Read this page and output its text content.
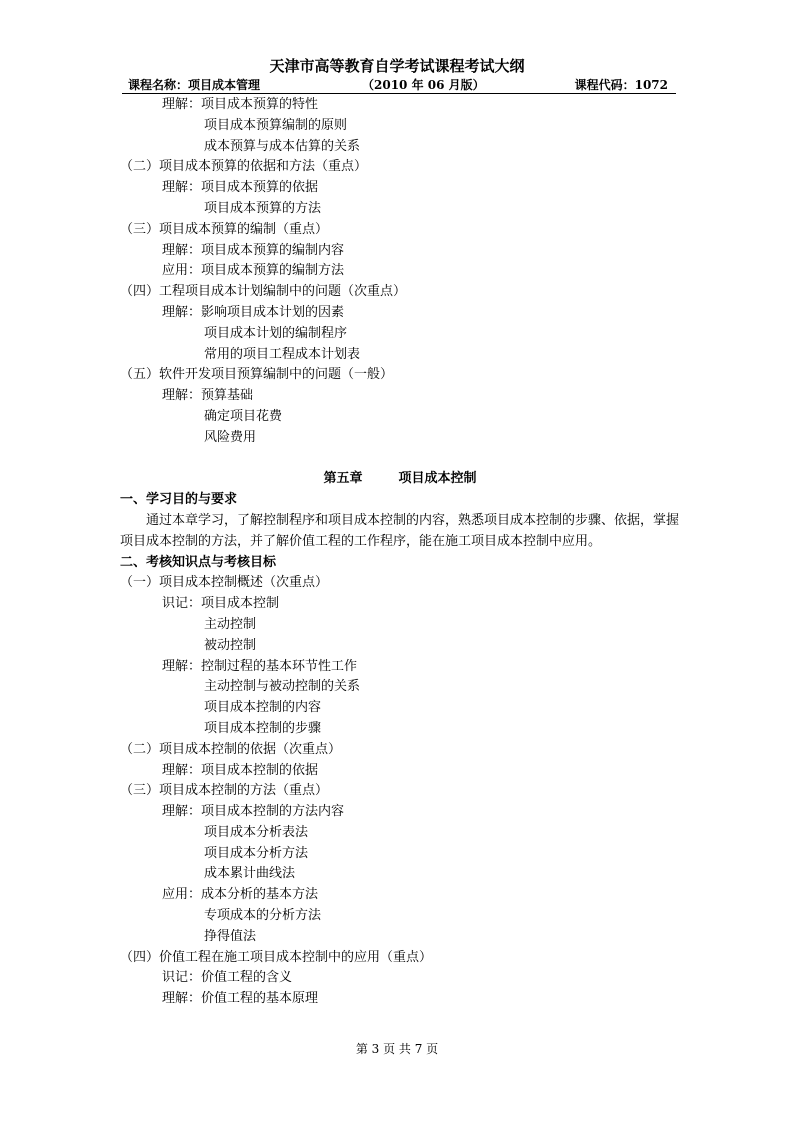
天津市高等教育自学考试课程考试大纲
课程名称：项目成本管理	（2010 年 06 月版）	课程代码：1072
理解：项目成本预算的特性
项目成本预算编制的原则
成本预算与成本估算的关系
（二）项目成本预算的依据和方法（重点）
理解：项目成本预算的依据
项目成本预算的方法
（三）项目成本预算的编制（重点）
理解：项目成本预算的编制内容
应用：项目成本预算的编制方法
（四）工程项目成本计划编制中的问题（次重点）
理解：影响项目成本计划的因素
项目成本计划的编制程序
常用的项目工程成本计划表
（五）软件开发项目预算编制中的问题（一般）
理解：预算基础
确定项目花费
风险费用
第五章	项目成本控制
一、学习目的与要求
通过本章学习，了解控制程序和项目成本控制的内容，熟悉项目成本控制的步骤、依据，掌握项目成本控制的方法，并了解价值工程的工作程序，能在施工项目成本控制中应用。
二、考核知识点与考核目标
（一）项目成本控制概述（次重点）
识记：项目成本控制
主动控制
被动控制
理解：控制过程的基本环节性工作
主动控制与被动控制的关系
项目成本控制的内容
项目成本控制的步骤
（二）项目成本控制的依据（次重点）
理解：项目成本控制的依据
（三）项目成本控制的方法（重点）
理解：项目成本控制的方法内容
项目成本分析表法
项目成本分析方法
成本累计曲线法
应用：成本分析的基本方法
专项成本的分析方法
挣得值法
（四）价值工程在施工项目成本控制中的应用（重点）
识记：价值工程的含义
理解：价值工程的基本原理
第 3 页 共 7 页
